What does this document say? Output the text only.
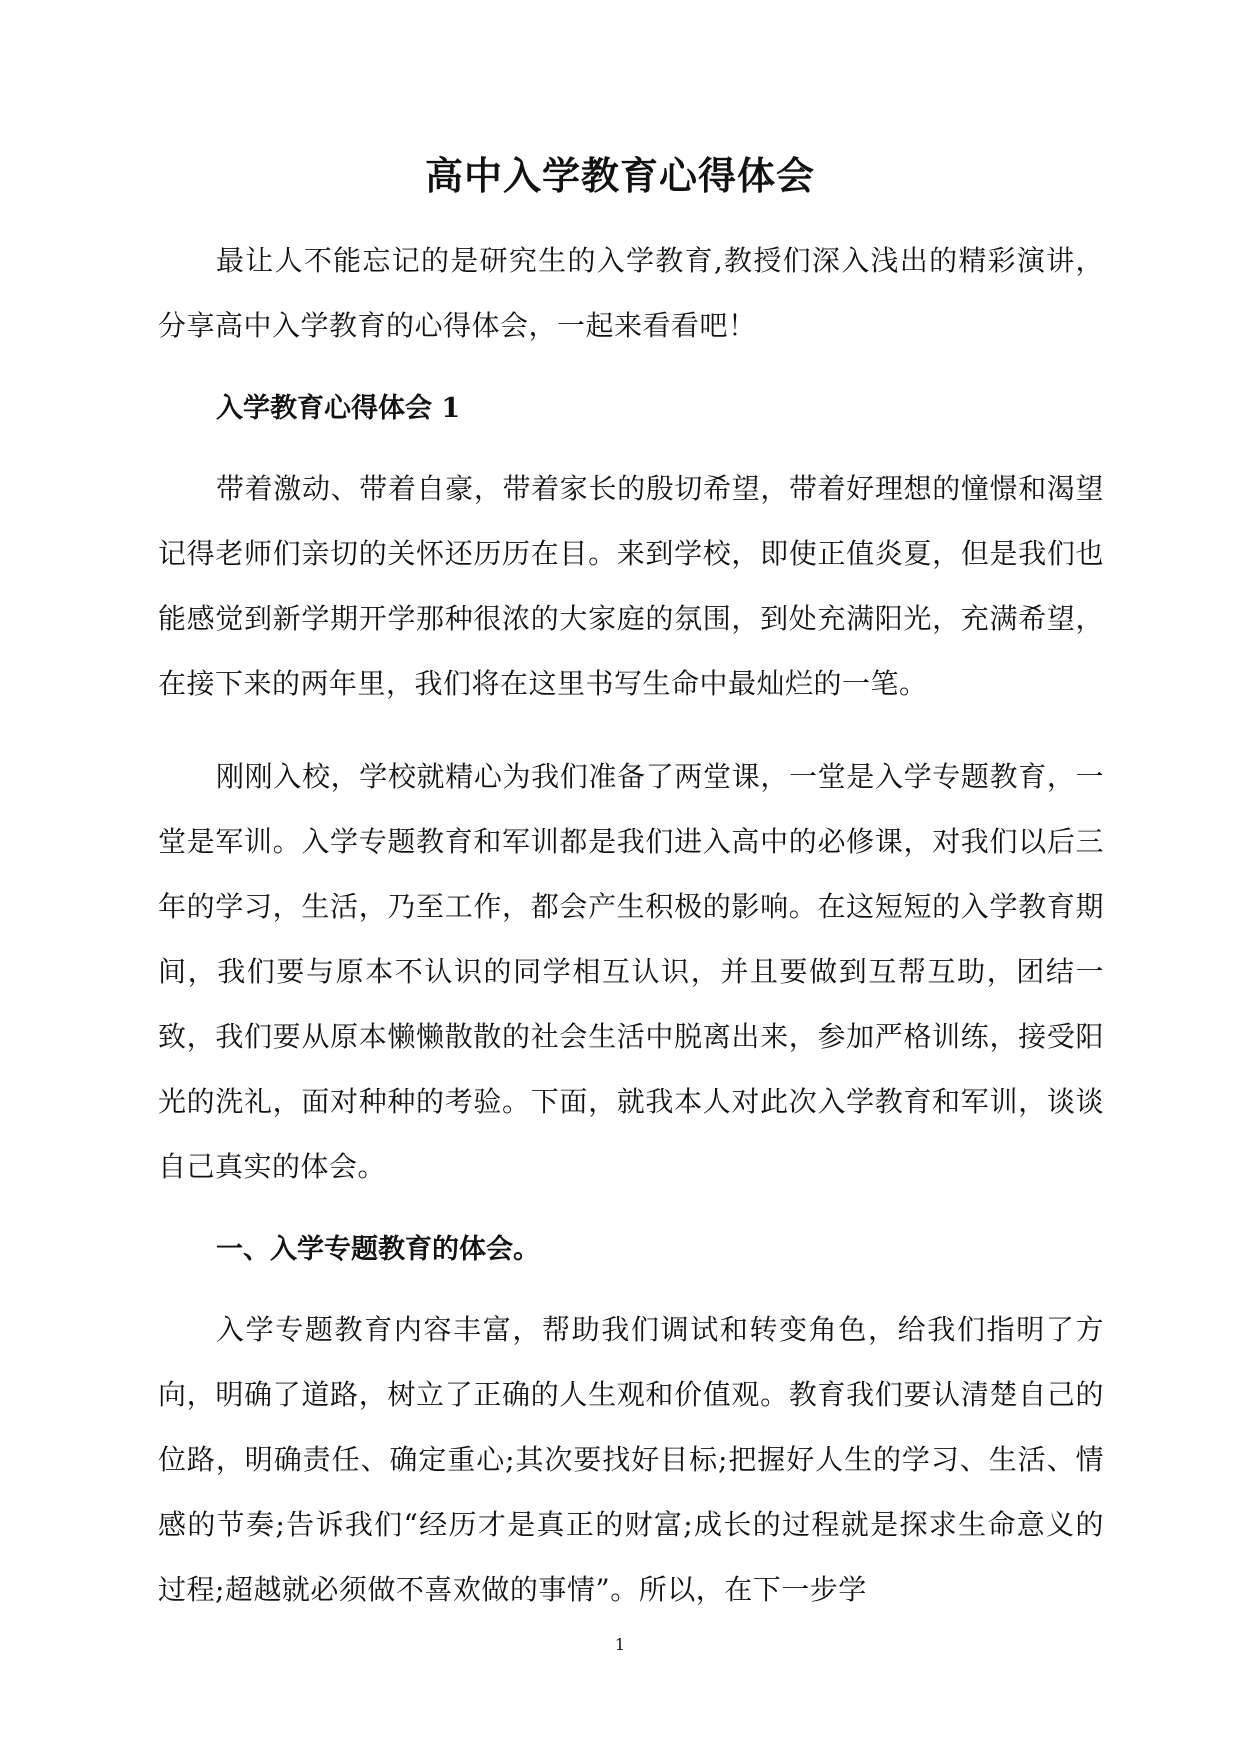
高中入学教育心得体会

最让人不能忘记的是研究生的入学教育,教授们深入浅出的精彩演讲，分享高中入学教育的心得体会，一起来看看吧！

入学教育心得体会 1

带着激动、带着自豪，带着家长的殷切希望，带着好理想的憧憬和渴望记得老师们亲切的关怀还历历在目。来到学校，即使正值炎夏，但是我们也能感觉到新学期开学那种很浓的大家庭的氛围，到处充满阳光，充满希望，在接下来的两年里，我们将在这里书写生命中最灿烂的一笔。

刚刚入校，学校就精心为我们准备了两堂课，一堂是入学专题教育，一堂是军训。入学专题教育和军训都是我们进入高中的必修课，对我们以后三年的学习，生活，乃至工作，都会产生积极的影响。在这短短的入学教育期间，我们要与原本不认识的同学相互认识，并且要做到互帮互助，团结一致，我们要从原本懒懒散散的社会生活中脱离出来，参加严格训练，接受阳光的洗礼，面对种种的考验。下面，就我本人对此次入学教育和军训，谈谈自己真实的体会。

一、入学专题教育的体会。

入学专题教育内容丰富，帮助我们调试和转变角色，给我们指明了方向，明确了道路，树立了正确的人生观和价值观。教育我们要认清楚自己的位路，明确责任、确定重心;其次要找好目标;把握好人生的学习、生活、情感的节奏;告诉我们“经历才是真正的财富;成长的过程就是探求生命意义的过程;超越就必须做不喜欢做的事情”。所以，在下一步学

1
